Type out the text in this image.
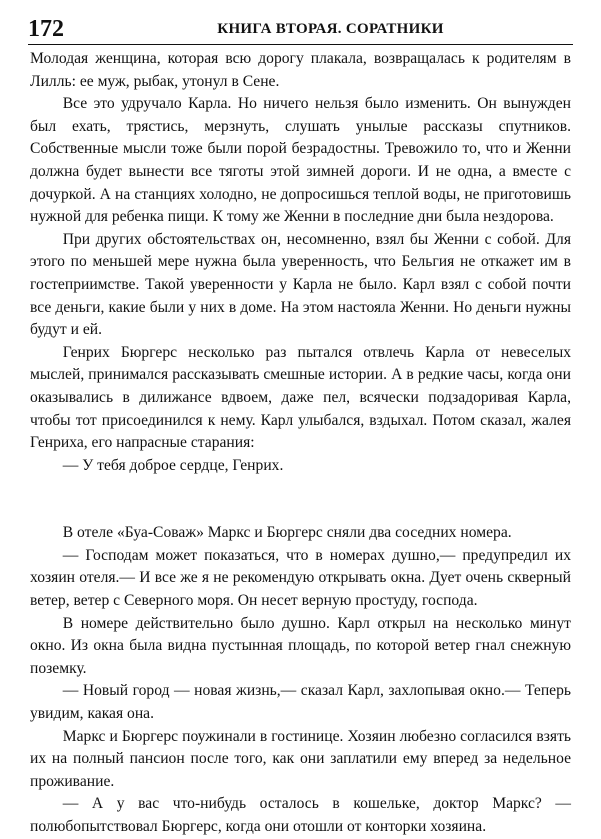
172	КНИГА ВТОРАЯ. СОРАТНИКИ

Молодая женщина, которая всю дорогу плакала, возвращалась к родителям в Лилль: ее муж, рыбак, утонул в Сене.

Все это удручало Карла. Но ничего нельзя было изменить. Он вынужден был ехать, трястись, мерзнуть, слушать унылые рассказы спутников. Собственные мысли тоже были порой безрадостны. Тревожило то, что и Женни должна будет вынести все тяготы этой зимней дороги. И не одна, а вместе с дочуркой. А на станциях холодно, не допросишься теплой воды, не приготовишь нужной для ребенка пищи. К тому же Женни в последние дни была нездорова.

При других обстоятельствах он, несомненно, взял бы Женни с собой. Для этого по меньшей мере нужна была уверенность, что Бельгия не откажет им в гостеприимстве. Такой уверенности у Карла не было. Карл взял с собой почти все деньги, какие были у них в доме. На этом настояла Женни. Но деньги нужны будут и ей.

Генрих Бюргерс несколько раз пытался отвлечь Карла от невеселых мыслей, принимался рассказывать смешные истории. А в редкие часы, когда они оказывались в дилижансе вдвоем, даже пел, всячески подзадоривая Карла, чтобы тот присоединился к нему. Карл улыбался, вздыхал. Потом сказал, жалея Генриха, его напрасные старания:

— У тебя доброе сердце, Генрих.

В отеле «Буа-Соваж» Маркс и Бюргерс сняли два соседних номера.

— Господам может показаться, что в номерах душно,— предупредил их хозяин отеля.— И все же я не рекомендую открывать окна. Дует очень скверный ветер, ветер с Северного моря. Он несет верную простуду, господа.

В номере действительно было душно. Карл открыл на несколько минут окно. Из окна была видна пустынная площадь, по которой ветер гнал снежную поземку.

— Новый город — новая жизнь,— сказал Карл, захлопывая окно.— Теперь увидим, какая она.

Маркс и Бюргерс поужинали в гостинице. Хозяин любезно согласился взять их на полный пансион после того, как они заплатили ему вперед за недельное проживание.

— А у вас что-нибудь осталось в кошельке, доктор Маркс? — полюбопытствовал Бюргерс, когда они отошли от конторки хозяина.
